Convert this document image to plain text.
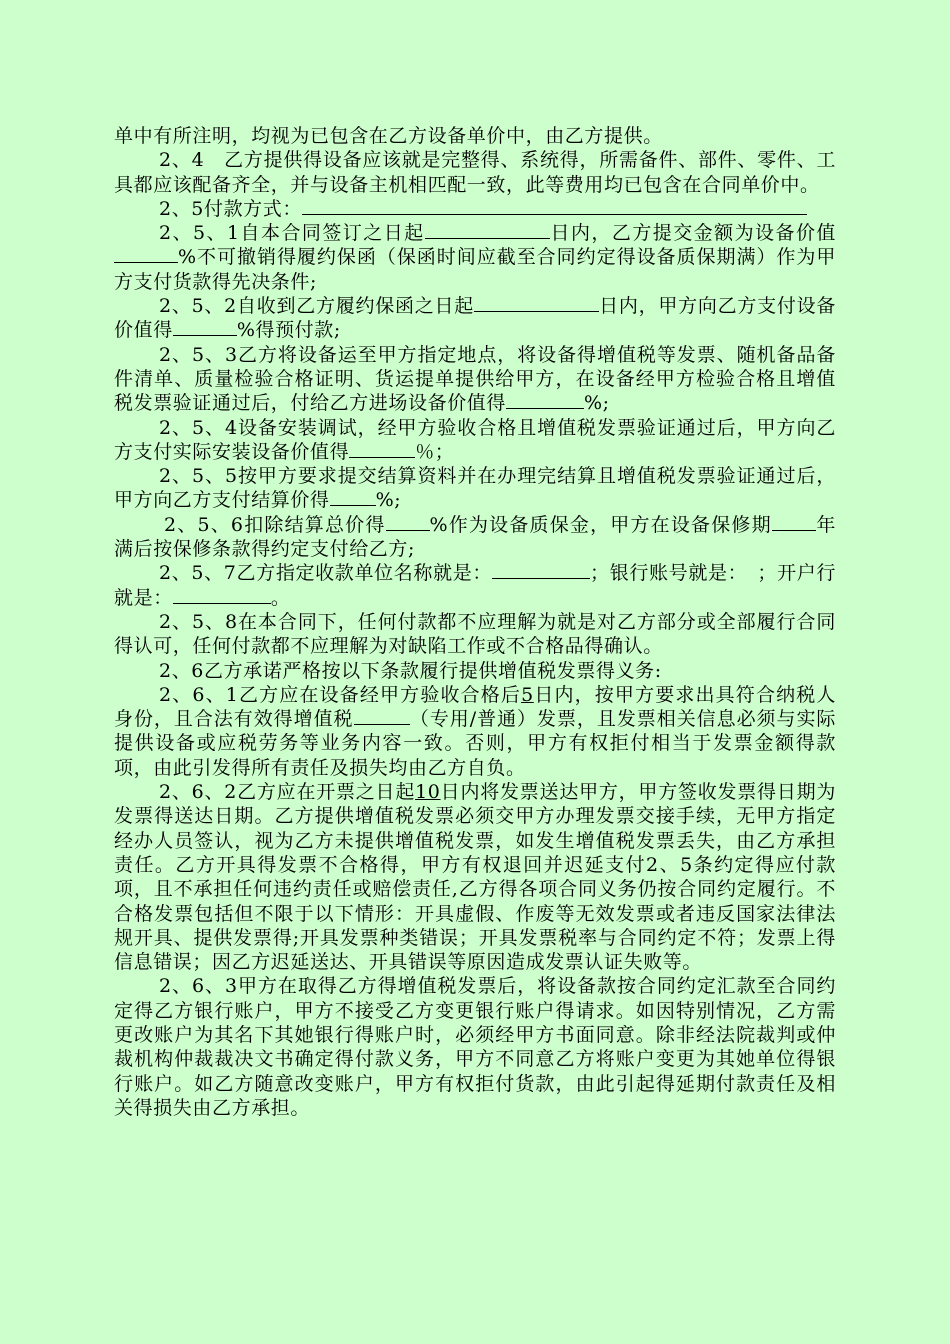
单中有所注明，均视为已包含在乙方设备单价中，由乙方提供。

2、4　乙方提供得设备应该就是完整得、系统得，所需备件、部件、零件、工具都应该配备齐全，并与设备主机相匹配一致，此等费用均已包含在合同单价中。

2、5付款方式：

2、5、1自本合同签订之日起	日内，乙方提交金额为设备价值%不可撤销得履约保函（保函时间应截至合同约定得设备质保期满）作为甲方支付货款得先决条件;

2、5、2自收到乙方履约保函之日起	日内，甲方向乙方支付设备价值得	%得预付款;

2、5、3乙方将设备运至甲方指定地点，将设备得增值税等发票、随机备品备件清单、质量检验合格证明、货运提单提供给甲方，在设备经甲方检验合格且增值税发票验证通过后，付给乙方进场设备价值得	%;

2、5、4设备安装调试，经甲方验收合格且增值税发票验证通过后，甲方向乙方支付实际安装设备价值得	％；

2、5、5按甲方要求提交结算资料并在办理完结算且增值税发票验证通过后，甲方向乙方支付结算价得 %;

2、5、6扣除结算总价得 %作为设备质保金，甲方在设备保修期 年满后按保修条款得约定支付给乙方;

2、5、7乙方指定收款单位名称就是：	；银行账号就是：　；开户行就是：	。

2、5、8在本合同下，任何付款都不应理解为就是对乙方部分或全部履行合同得认可，任何付款都不应理解为对缺陷工作或不合格品得确认。

2、6乙方承诺严格按以下条款履行提供增值税发票得义务:

2、6、1乙方应在设备经甲方验收合格后5日内，按甲方要求出具符合纳税人身份，且合法有效得增值税	（专用/普通）发票，且发票相关信息必须与实际提供设备或应税劳务等业务内容一致。否则，甲方有权拒付相当于发票金额得款项，由此引发得所有责任及损失均由乙方自负。

2、6、2乙方应在开票之日起10日内将发票送达甲方，甲方签收发票得日期为发票得送达日期。乙方提供增值税发票必须交甲方办理发票交接手续，无甲方指定经办人员签认，视为乙方未提供增值税发票，如发生增值税发票丢失，由乙方承担责任。乙方开具得发票不合格得，甲方有权退回并迟延支付2、5条约定得应付款项，且不承担任何违约责任或赔偿责任,乙方得各项合同义务仍按合同约定履行。不合格发票包括但不限于以下情形：开具虚假、作废等无效发票或者违反国家法律法规开具、提供发票得;开具发票种类错误；开具发票税率与合同约定不符；发票上得信息错误；因乙方迟延送达、开具错误等原因造成发票认证失败等。

2、6、3甲方在取得乙方得增值税发票后，将设备款按合同约定汇款至合同约定得乙方银行账户，甲方不接受乙方变更银行账户得请求。如因特别情况，乙方需更改账户为其名下其她银行得账户时，必须经甲方书面同意。除非经法院裁判或仲裁机构仲裁裁决文书确定得付款义务，甲方不同意乙方将账户变更为其她单位得银行账户。如乙方随意改变账户，甲方有权拒付货款，由此引起得延期付款责任及相关得损失由乙方承担。
